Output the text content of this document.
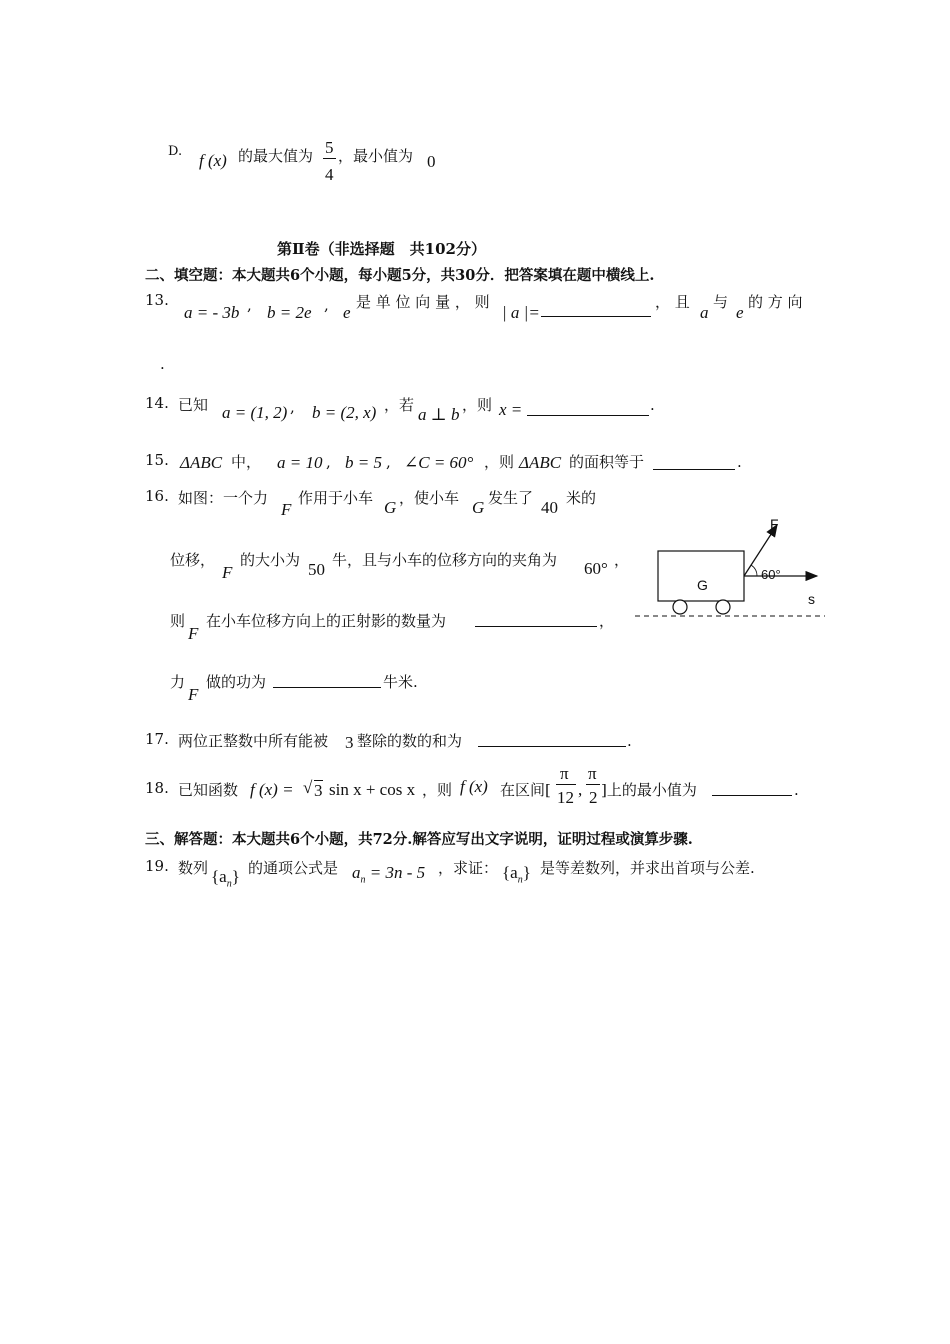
D. f (x) 的最大值为 5
4
，最小值为 0
第Ⅱ卷（非选择题　共102分）
二、填空题：本大题共6个小题，每小题5分，共30分．把答案填在题中横线上.
13.
a = - 3b , b = 2e , e
是 单 位 向 量 ， 则
| a |=
， 且
a
与
e
的 方 向
.
14. 已知 a = (1, 2) , b = (2, x) ，若 a ⊥ b ，则 x =	.
15. ΔABC 中， a = 10 , b = 5 , ∠C = 60° ，则 ΔABC 的面积等于	.
16. 如图：一个力
F
作用于小车 G ，使小车 G 发生了 40 米的
位移，
F
的大小为 50 牛，且与小车的位移方向的夹角为 60° ，
则
F
在小车位移方向上的正射影的数量为	，
力
F
做的功为	牛米.
F
G
60°
s
17. 两位正整数中所有能被 3 整除的数的和为	.
18. 已知函数 f (x) = √ 3 sin x + cos x ，则 f (x) 在区间[
π
12 ,
π
2 ]上的最小值为	.
三、解答题：本大题共6个小题，共72分.解答应写出文字说明，证明过程或演算步骤.
19. 数列 $\{a_n\}$ 的通项公式是 $a_n = 3n - 5$ ，求证： $\{a_n\}$ 是等差数列，并求出首项与公差.
